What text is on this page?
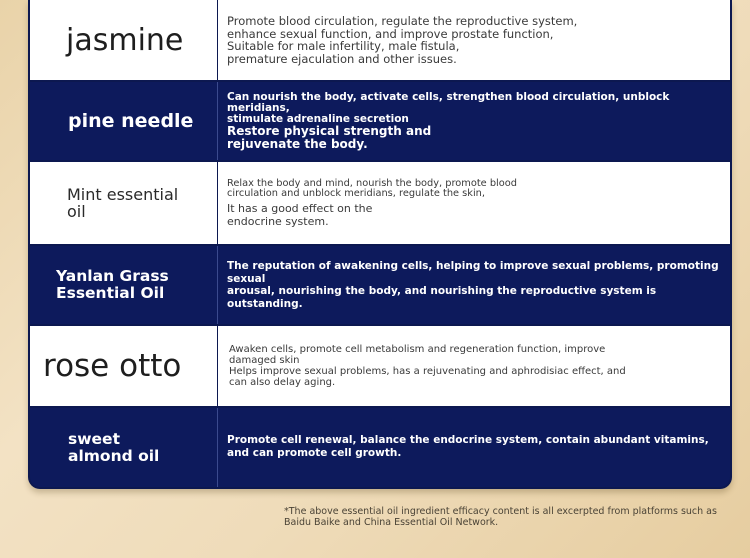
jasmine
Promote blood circulation, regulate the reproductive system,
enhance sexual function, and improve prostate function,
Suitable for male infertility, male fistula,
premature ejaculation and other issues.
pine needle
Can nourish the body, activate cells, strengthen blood circulation, unblock meridians,
stimulate adrenaline secretion
Restore physical strength and
rejuvenate the body.
Mint essential
oil
Relax the body and mind, nourish the body, promote blood
circulation and unblock meridians, regulate the skin,
It has a good effect on the
endocrine system.
Yanlan Grass
Essential Oil
The reputation of awakening cells, helping to improve sexual problems, promoting sexual
arousal, nourishing the body, and nourishing the reproductive system is outstanding.
rose otto	Awaken cells, promote cell metabolism and regeneration function, improve
damaged skin
Helps improve sexual problems, has a rejuvenating and aphrodisiac effect, and
can also delay aging.
sweet
almond oil
Promote cell renewal, balance the endocrine system, contain abundant vitamins,
and can promote cell growth.
*The above essential oil ingredient efficacy content is all excerpted from platforms such as
Baidu Baike and China Essential Oil Network.
